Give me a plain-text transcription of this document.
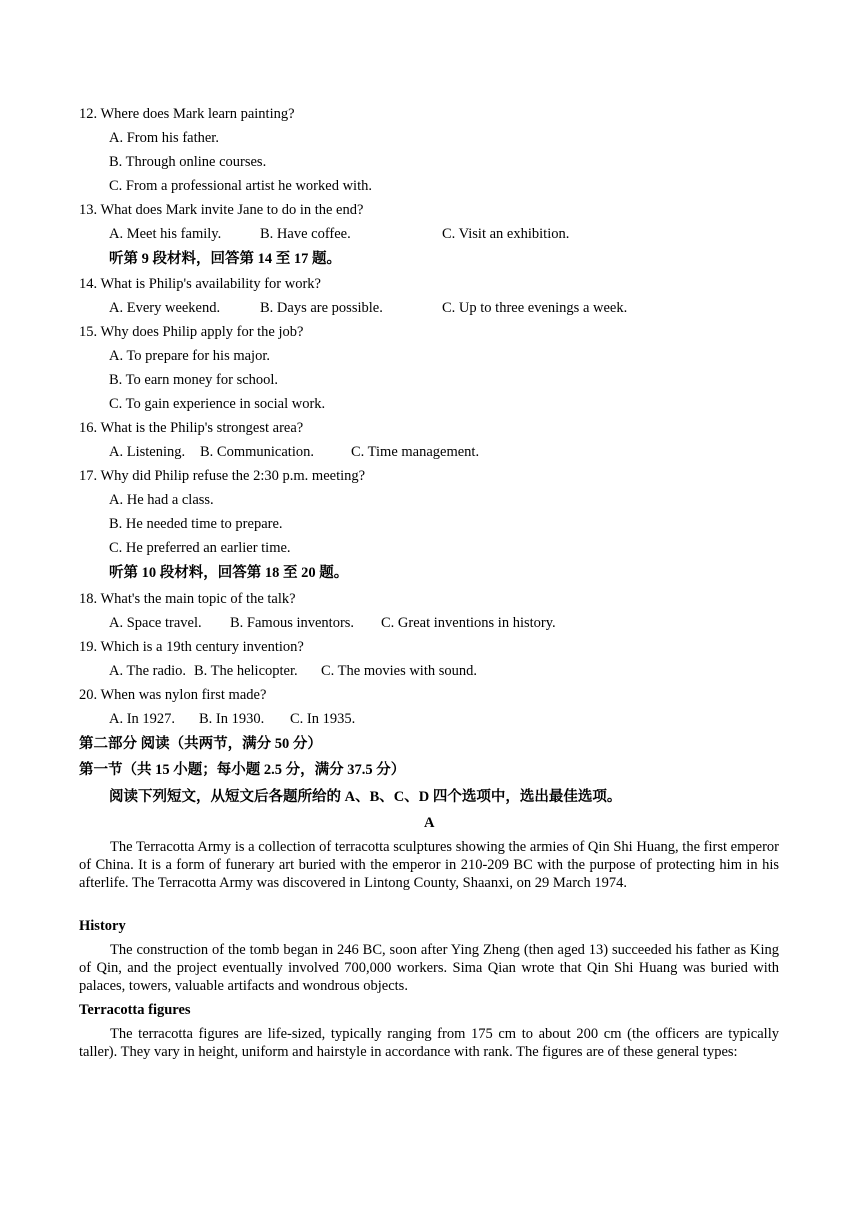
12. Where does Mark learn painting?
A. From his father.
B. Through online courses.
C. From a professional artist he worked with.
13. What does Mark invite Jane to do in the end?
A. Meet his family.	B. Have coffee.	C. Visit an exhibition.
听第 9 段材料，回答第 14 至 17 题。
14. What is Philip's availability for work?
A. Every weekend.	B. Days are possible.	C. Up to three evenings a week.
15. Why does Philip apply for the job?
A. To prepare for his major.
B. To earn money for school.
C. To gain experience in social work.
16. What is the Philip's strongest area?
A. Listening. B. Communication.	C. Time management.
17. Why did Philip refuse the 2:30 p.m. meeting?
A. He had a class.
B. He needed time to prepare.
C. He preferred an earlier time.
听第 10 段材料，回答第 18 至 20 题。
18. What's the main topic of the talk?
A. Space travel. B. Famous inventors. C. Great inventions in history.
19. Which is a 19th century invention?
A. The radio. B. The helicopter. C. The movies with sound.
20. When was nylon first made?
A. In 1927. B. In 1930. C. In 1935.
第二部分 阅读（共两节，满分 50 分）
第一节（共 15 小题；每小题 2.5 分，满分 37.5 分）
阅读下列短文，从短文后各题所给的 A、B、C、D 四个选项中，选出最佳选项。
A
The Terracotta Army is a collection of terracotta sculptures showing the armies of Qin Shi Huang, the first emperor of China. It is a form of funerary art buried with the emperor in 210-209 BC with the purpose of protecting him in his afterlife. The Terracotta Army was discovered in Lintong County, Shaanxi, on 29 March 1974.
History
The construction of the tomb began in 246 BC, soon after Ying Zheng (then aged 13) succeeded his father as King of Qin, and the project eventually involved 700,000 workers. Sima Qian wrote that Qin Shi Huang was buried with palaces, towers, valuable artifacts and wondrous objects.
Terracotta figures
The terracotta figures are life-sized, typically ranging from 175 cm to about 200 cm (the officers are typically taller). They vary in height, uniform and hairstyle in accordance with rank. The figures are of these general types:
